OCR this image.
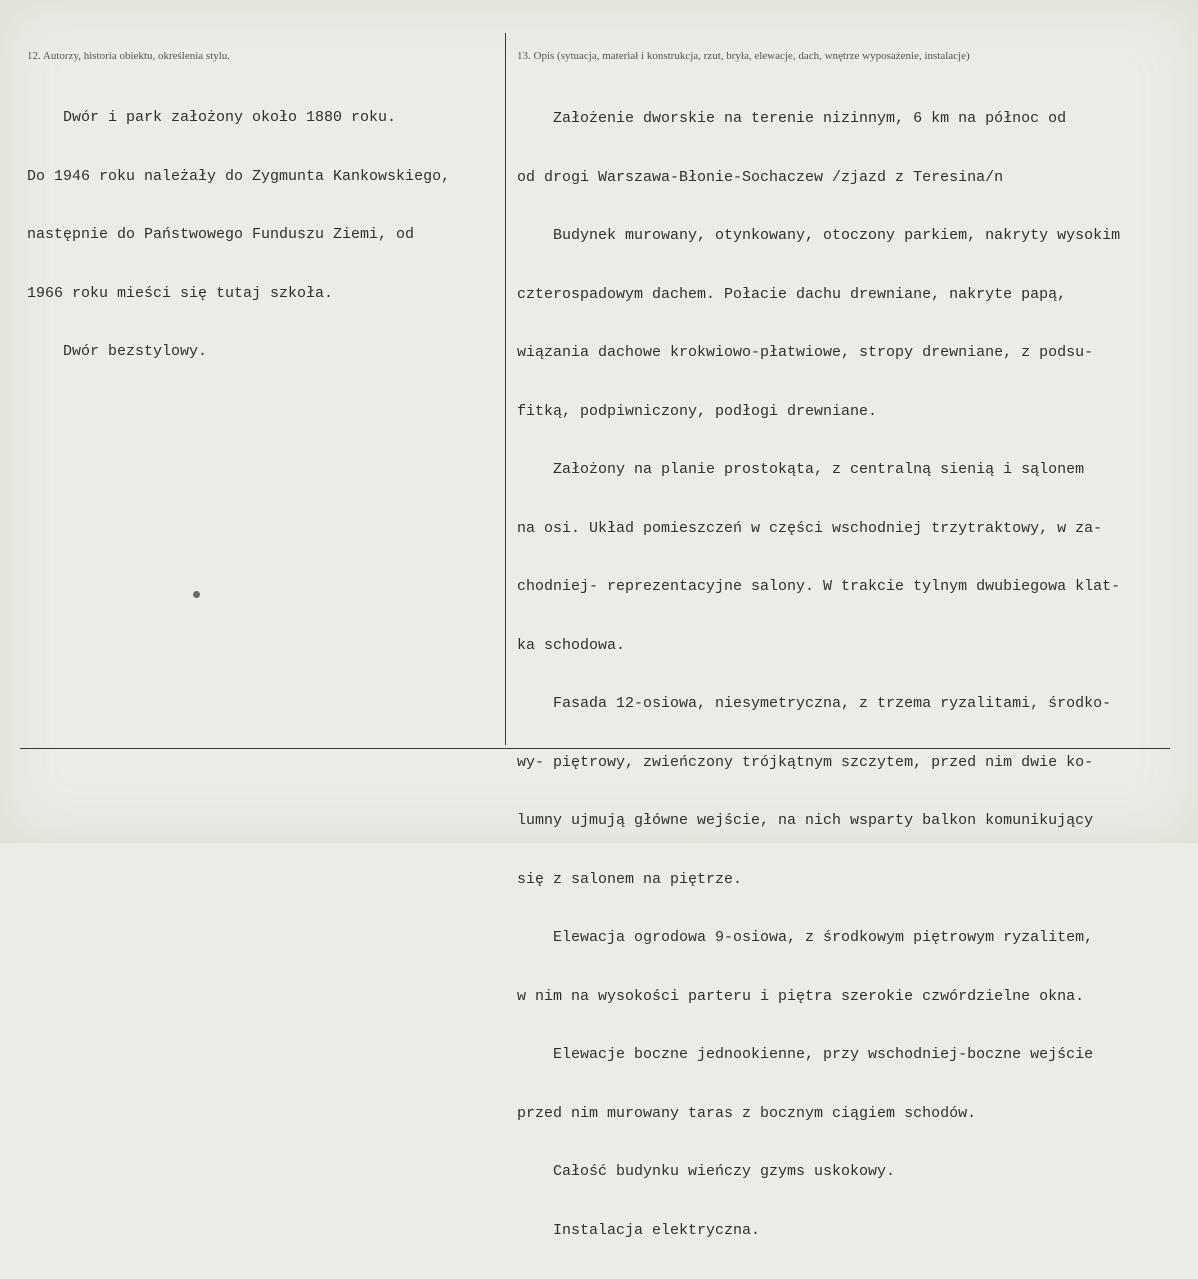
12. Autorzy, historia obiektu, określenia stylu.	13. Opis (sytuacja, materiał i konstrukcja, rzut, bryła, elewacje, dach, wnętrze wyposażenie, instalacje)

Dwór i park założony około 1880 roku.

Do 1946 roku należały do Zygmunta Kankowskiego,

następnie do Państwowego Funduszu Ziemi, od

1966 roku mieści się tutaj szkoła.

Dwór bezstylowy.

Założenie dworskie na terenie nizinnym, 6 km na północ od

od drogi Warszawa-Błonie-Sochaczew /zjazd z Teresina/n

Budynek murowany, otynkowany, otoczony parkiem, nakryty wysokim

czterospadowym dachem. Połacie dachu drewniane, nakryte papą,

wiązania dachowe krokwiowo-płatwiowe, stropy drewniane, z podsu-

fitką, podpiwniczony, podłogi drewniane.

Założony na planie prostokąta, z centralną sienią i sąlonem

na osi. Układ pomieszczeń w części wschodniej trzytraktowy, w za-

chodniej- reprezentacyjne salony. W trakcie tylnym dwubiegowa klat-

ka schodowa.

Fasada 12-osiowa, niesymetryczna, z trzema ryzalitami, środko-

wy- piętrowy, zwieńczony trójkątnym szczytem, przed nim dwie ko-

lumny ujmują główne wejście, na nich wsparty balkon komunikujący

się z salonem na piętrze.

Elewacja ogrodowa 9-osiowa, z środkowym piętrowym ryzalitem,

w nim na wysokości parteru i piętra szerokie czwórdzielne okna.

Elewacje boczne jednookienne, przy wschodniej-boczne wejście

przed nim murowany taras z bocznym ciągiem schodów.

Całość budynku wieńczy gzyms uskokowy.

Instalacja elektryczna.
